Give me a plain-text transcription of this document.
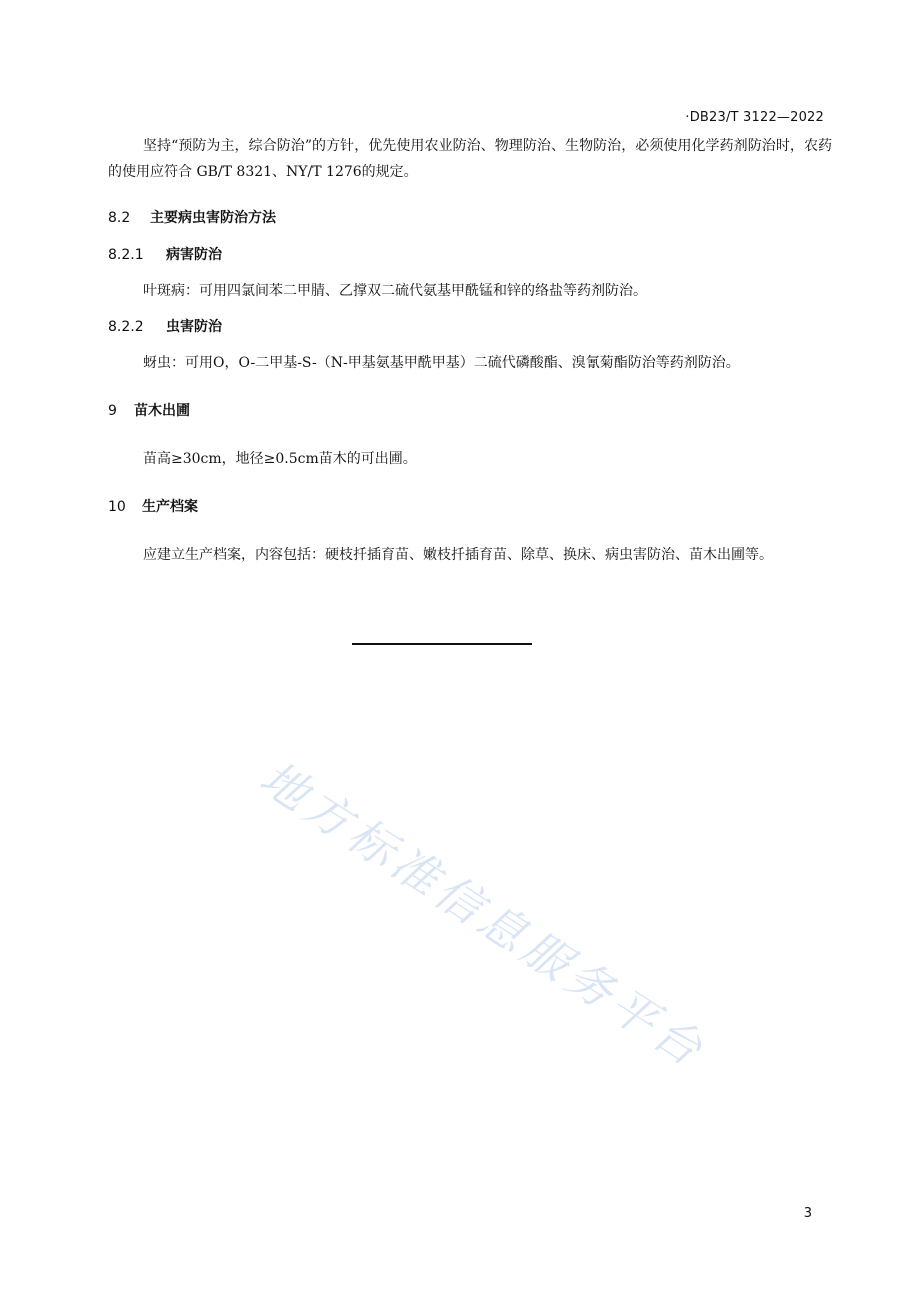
·DB23/T 3122—2022

坚持“预防为主，综合防治”的方针，优先使用农业防治、物理防治、生物防治，必须使用化学药剂防治时，农药的使用应符合 GB/T 8321、NY/T 1276的规定。

8.2 主要病虫害防治方法
8.2.1 病害防治

叶斑病：可用四氯间苯二甲腈、乙撑双二硫代氨基甲酰锰和锌的络盐等药剂防治。

8.2.2 虫害防治

蚜虫：可用O，O-二甲基-S-（N-甲基氨基甲酰甲基）二硫代磷酸酯、溴氰菊酯防治等药剂防治。

9 苗木出圃

苗高≥30cm，地径≥0.5cm苗木的可出圃。

10 生产档案

应建立生产档案，内容包括：硬枝扦插育苗、嫩枝扦插育苗、除草、换床、病虫害防治、苗木出圃等。

地方标准信息服务平台
3
